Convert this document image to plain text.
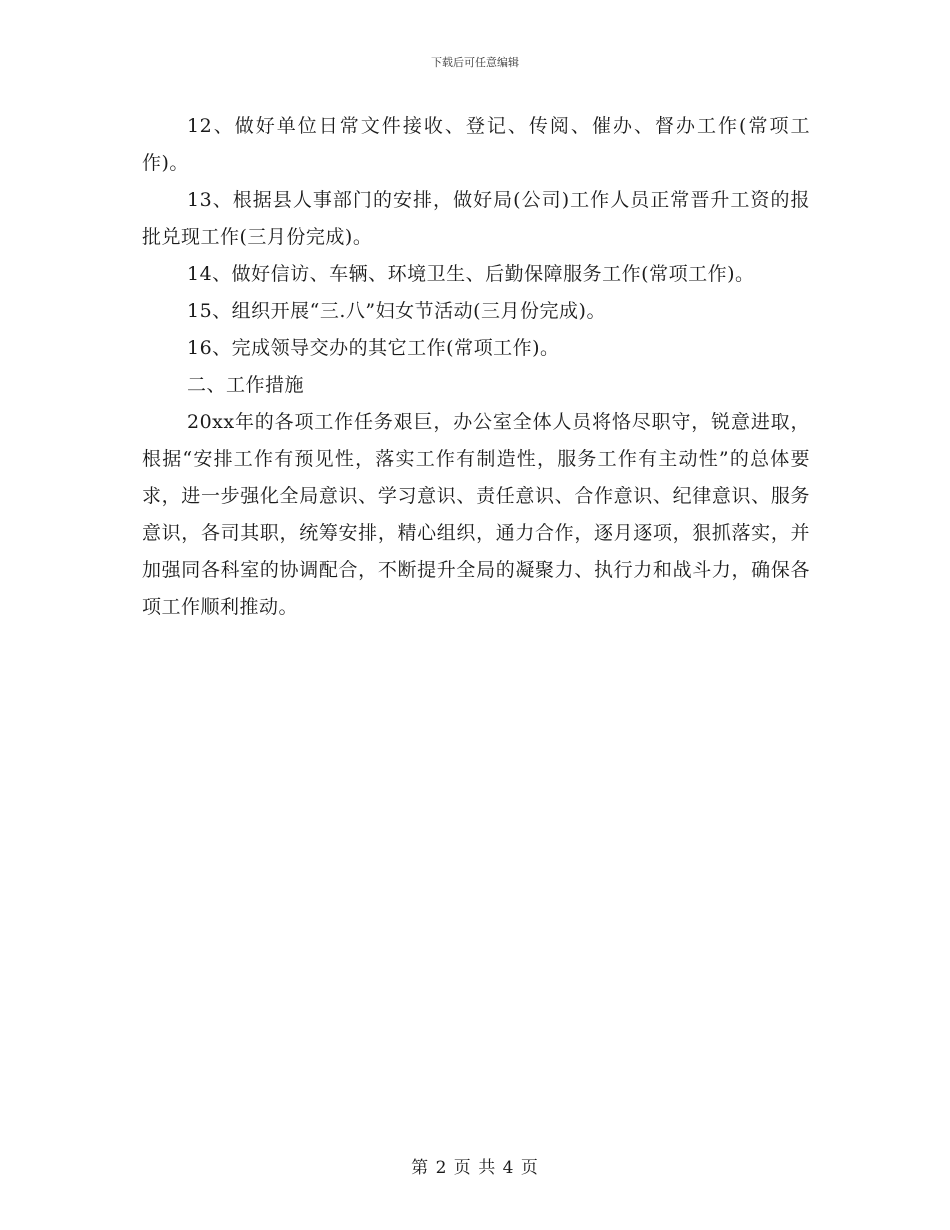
下载后可任意编辑

12、做好单位日常文件接收、登记、传阅、催办、督办工作(常项工作)。

13、根据县人事部门的安排，做好局(公司)工作人员正常晋升工资的报批兑现工作(三月份完成)。

14、做好信访、车辆、环境卫生、后勤保障服务工作(常项工作)。

15、组织开展“三.八”妇女节活动(三月份完成)。

16、完成领导交办的其它工作(常项工作)。

二、工作措施

20xx年的各项工作任务艰巨，办公室全体人员将恪尽职守，锐意进取，根据“安排工作有预见性，落实工作有制造性，服务工作有主动性”的总体要求，进一步强化全局意识、学习意识、责任意识、合作意识、纪律意识、服务意识，各司其职，统筹安排，精心组织，通力合作，逐月逐项，狠抓落实，并加强同各科室的协调配合，不断提升全局的凝聚力、执行力和战斗力，确保各项工作顺利推动。

第 2 页 共 4 页
